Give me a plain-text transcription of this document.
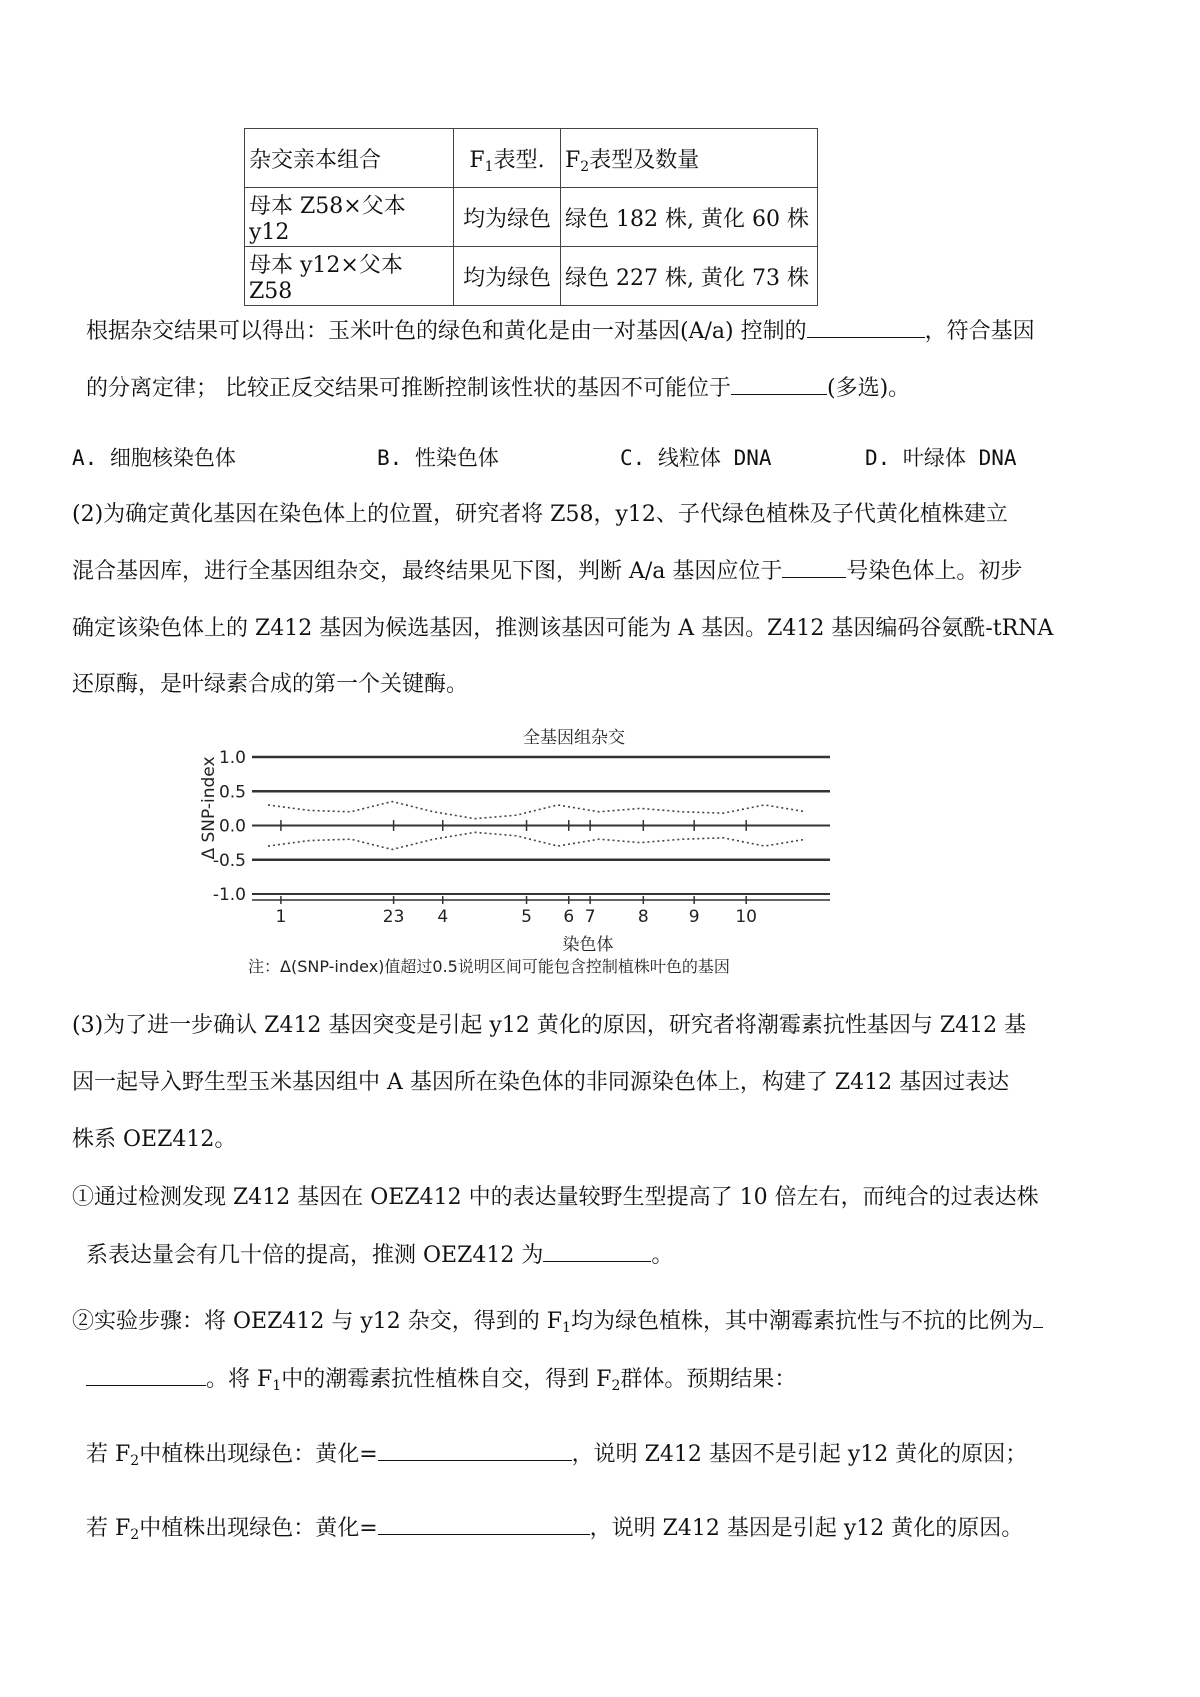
杂交亲本组合	$F_1$表型.	$F_2$表型及数量
母本 Z58×父本 y12	均为绿色	绿色 182 株, 黄化 60 株
母本 y12×父本 Z58	均为绿色	绿色 227 株, 黄化 73 株
根据杂交结果可以得出：玉米叶色的绿色和黄化是由一对基因(A/a) 控制的	，符合基因
的分离定律； 比较正反交结果可推断控制该性状的基因不可能位于	(多选)。
A. 细胞核染色体	B. 性染色体	C. 线粒体 DNA	D. 叶绿体 DNA
(2)为确定黄化基因在染色体上的位置，研究者将 Z58，y12、子代绿色植株及子代黄化植株建立
混合基因库，进行全基因组杂交，最终结果见下图，判断 A/a 基因应位于	号染色体上。初步
确定该染色体上的 Z412 基因为候选基因，推测该基因可能为 A 基因。Z412 基因编码谷氨酰-tRNA
还原酶，是叶绿素合成的第一个关键酶。
全基因组杂交
Δ SNP-index 1.0
0.5
0.0
-0.5
-1.0
1	23 4	5 6 7 8 9 10
染色体
注：Δ(SNP-index)值超过0.5说明区间可能包含控制植株叶色的基因
(3)为了进一步确认 Z412 基因突变是引起 y12 黄化的原因，研究者将潮霉素抗性基因与 Z412 基
因一起导入野生型玉米基因组中 A 基因所在染色体的非同源染色体上，构建了 Z412 基因过表达
株系 OEZ412。
①通过检测发现 Z412 基因在 OEZ412 中的表达量较野生型提高了 10 倍左右，而纯合的过表达株
系表达量会有几十倍的提高，推测 OEZ412 为	。
②实验步骤：将 OEZ412 与 y12 杂交，得到的 $F_1$均为绿色植株，其中潮霉素抗性与不抗的比例为
。将 $F_1$中的潮霉素抗性植株自交，得到 $F_2$群体。预期结果：
若 $F_2$中植株出现绿色：黄化=	，说明 Z412 基因不是引起 y12 黄化的原因；
若 $F_2$中植株出现绿色：黄化=	，说明 Z412 基因是引起 y12 黄化的原因。
